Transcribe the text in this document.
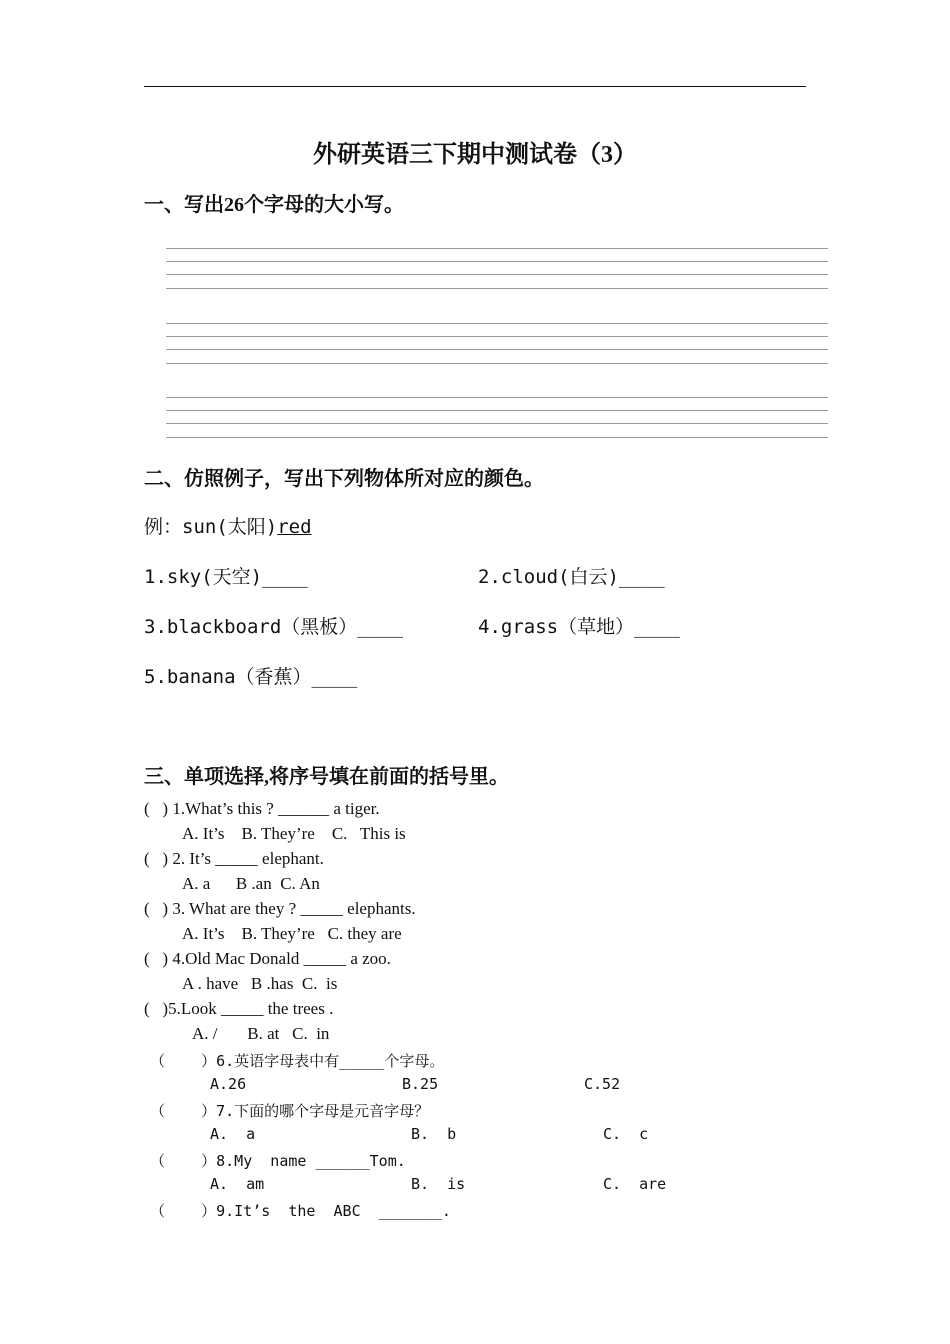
外研英语三下期中测试卷（3）
一、写出26个字母的大小写。
二、仿照例子，写出下列物体所对应的颜色。
例：sun(太阳)red
1.sky(天空)____	2.cloud(白云)____
3.blackboard（黑板）____	4.grass（草地）____
5.banana（香蕉）____
三、单项选择,将序号填在前面的括号里。
(   ) 1.What’s this ? ______ a tiger.
A. It’s    B. They’re    C.   This is
(   ) 2. It’s _____ elephant.
A. a      B .an  C. An
(   ) 3. What are they ? _____ elephants.
A. It’s    B. They’re   C. they are
(   ) 4.Old Mac Donald _____ a zoo.
A . have   B .has  C.  is
(   )5.Look _____ the trees .
A. /       B. at   C.  in
（    ）6.英语字母表中有_____个字母。
A.26	B.25	C.52
（    ）7.下面的哪个字母是元音字母？
A.  a	B.  b	C.  c
（    ）8.My  name ______Tom.
A.  am	B.  is	C.  are
（    ）9.It’s  the  ABC  _______.
